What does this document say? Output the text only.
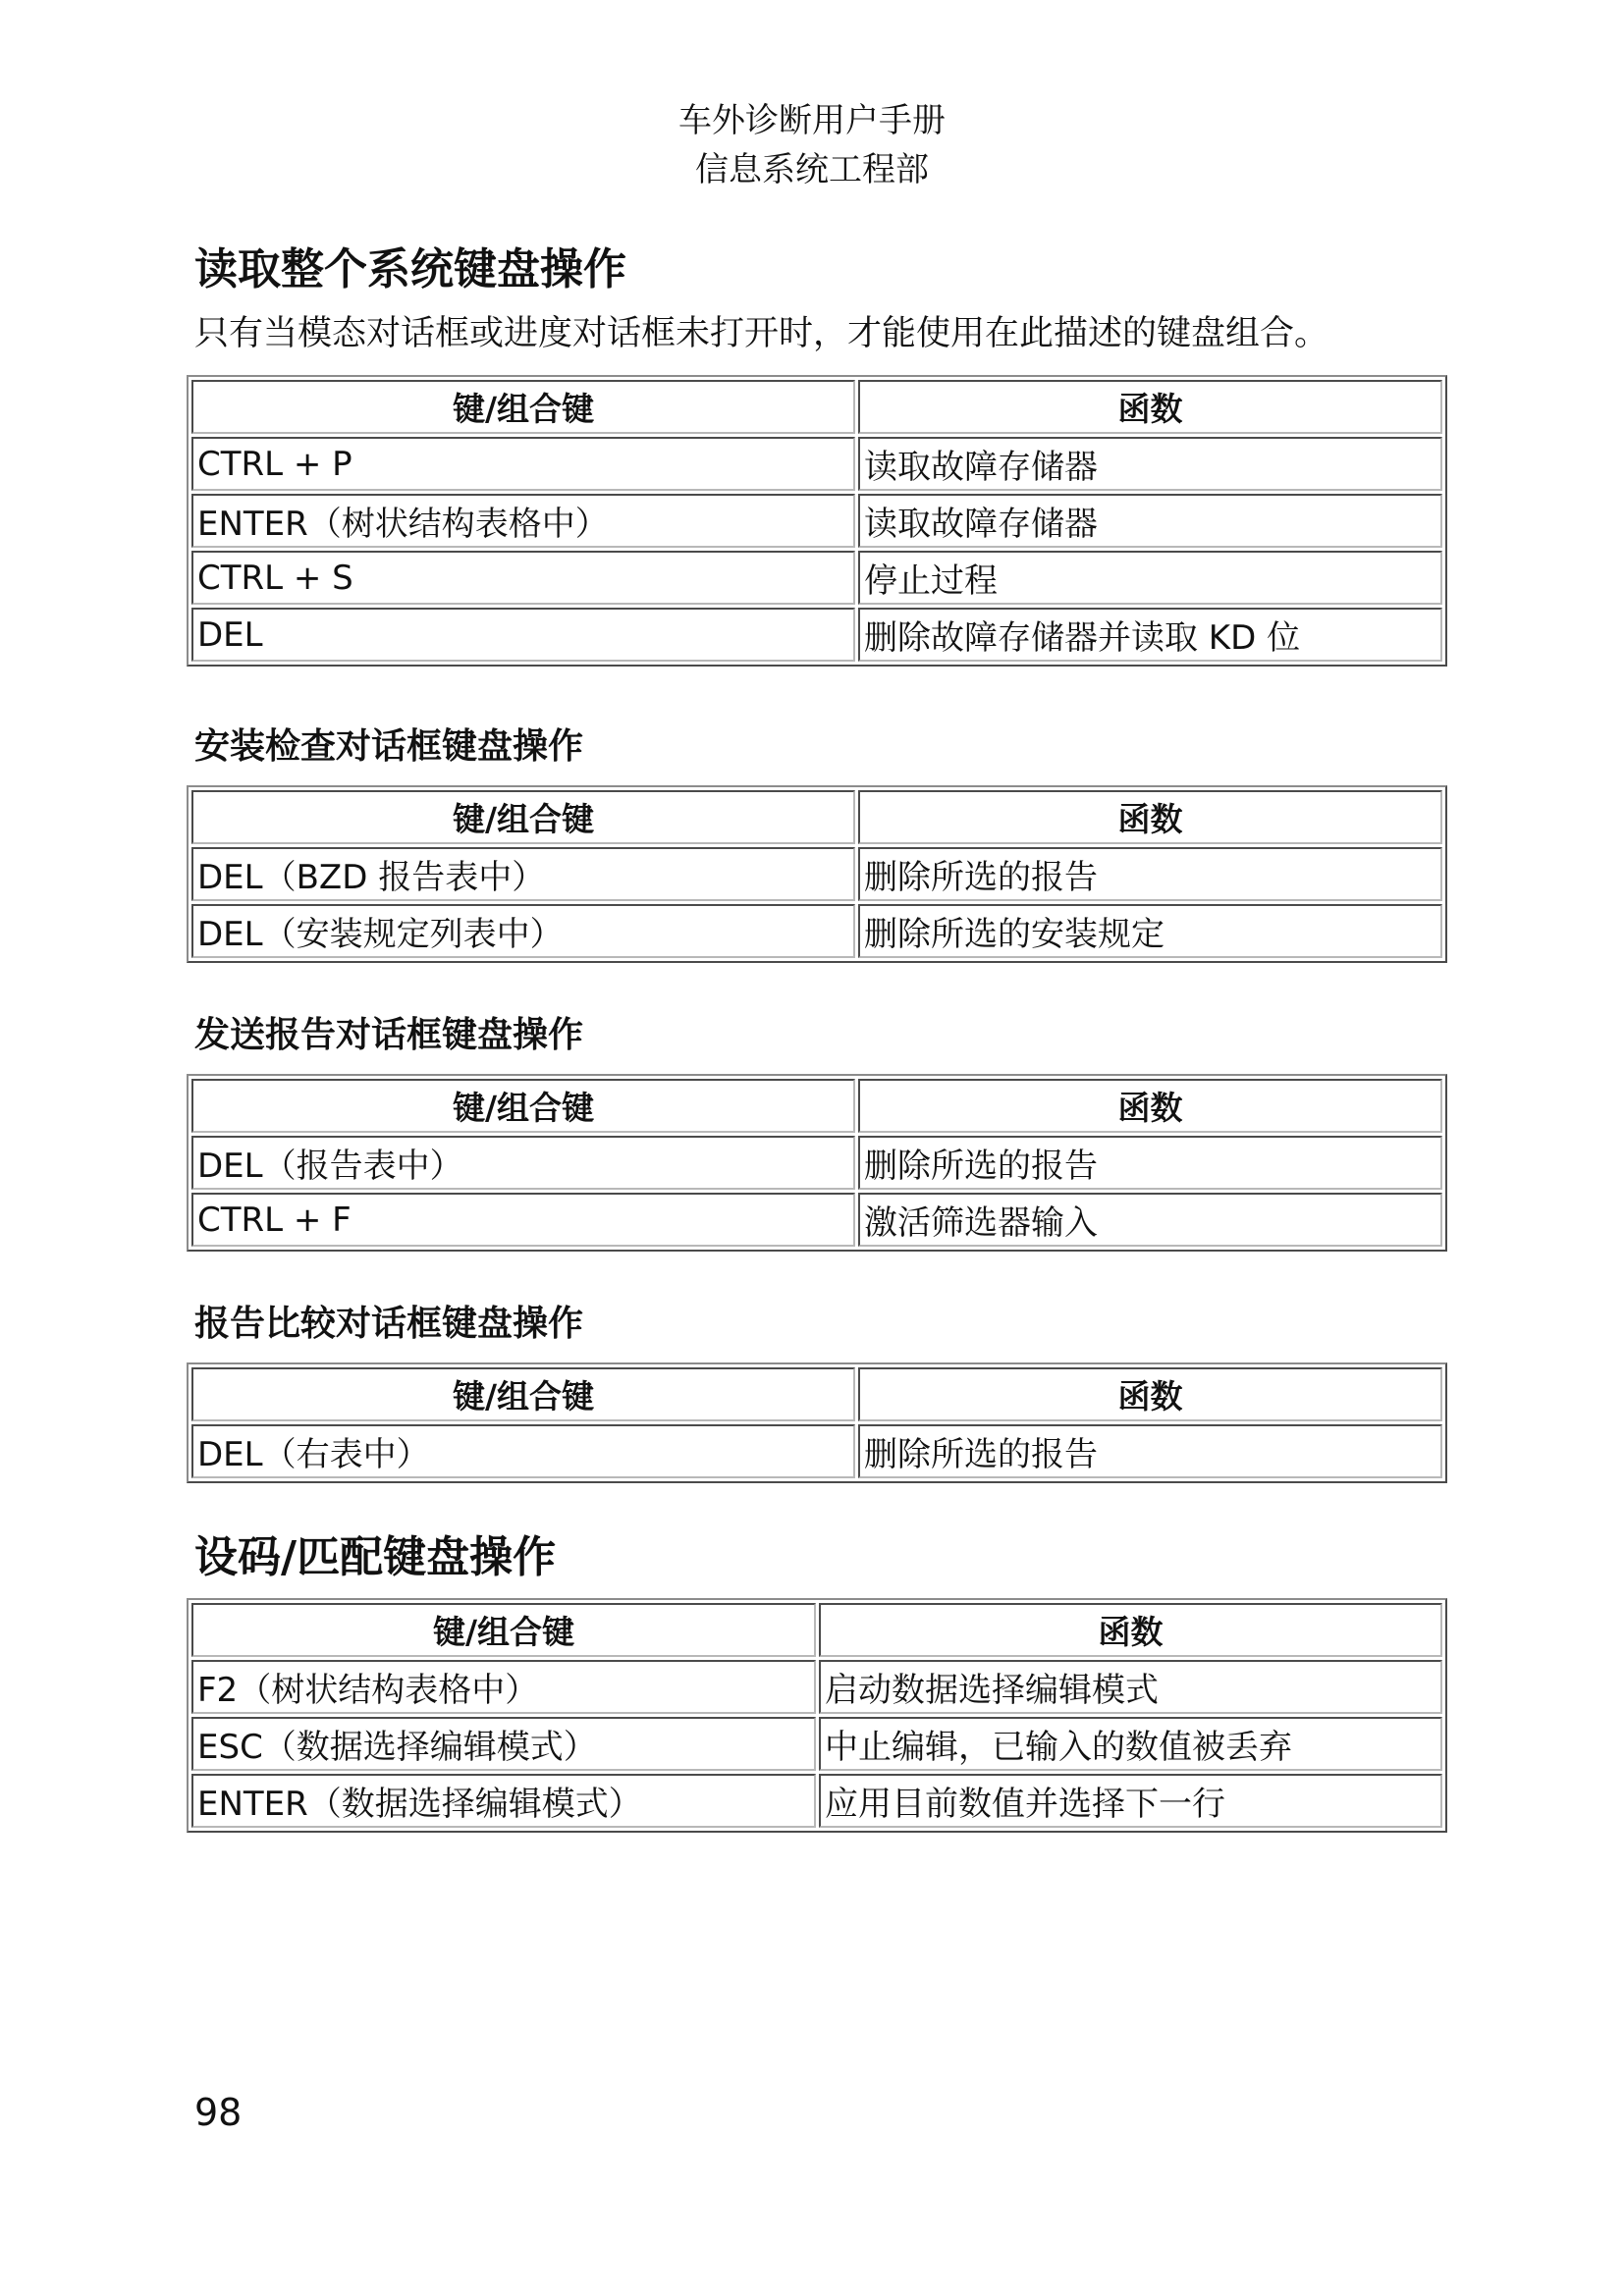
车外诊断用户手册
信息系统工程部
读取整个系统键盘操作
只有当模态对话框或进度对话框未打开时，才能使用在此描述的键盘组合。
键/组合键	函数
CTRL + P	读取故障存储器
ENTER（树状结构表格中）	读取故障存储器
CTRL + S	停止过程
DEL	删除故障存储器并读取 KD 位
安装检查对话框键盘操作
键/组合键	函数
DEL（BZD 报告表中）	删除所选的报告
DEL（安装规定列表中）	删除所选的安装规定
发送报告对话框键盘操作
键/组合键	函数
DEL（报告表中）	删除所选的报告
CTRL + F	激活筛选器输入
报告比较对话框键盘操作
键/组合键	函数
DEL（右表中）	删除所选的报告
设码/匹配键盘操作
键/组合键	函数
F2（树状结构表格中）	启动数据选择编辑模式
ESC（数据选择编辑模式）	中止编辑，已输入的数值被丢弃
ENTER（数据选择编辑模式）	应用目前数值并选择下一行
98
